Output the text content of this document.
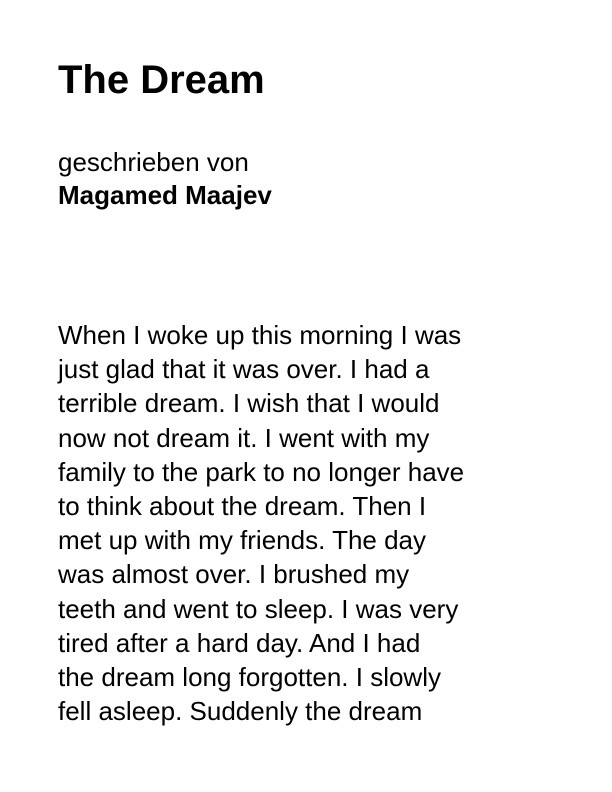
The Dream
geschrieben von
Magamed Maajev
When I woke up this morning I was
just glad that it was over. I had a
terrible dream. I wish that I would
now not dream it. I went with my
family to the park to no longer have
to think about the dream. Then I
met up with my friends. The day
was almost over. I brushed my
teeth and went to sleep. I was very
tired after a hard day. And I had
the dream long forgotten. I slowly
fell asleep. Suddenly the dream
